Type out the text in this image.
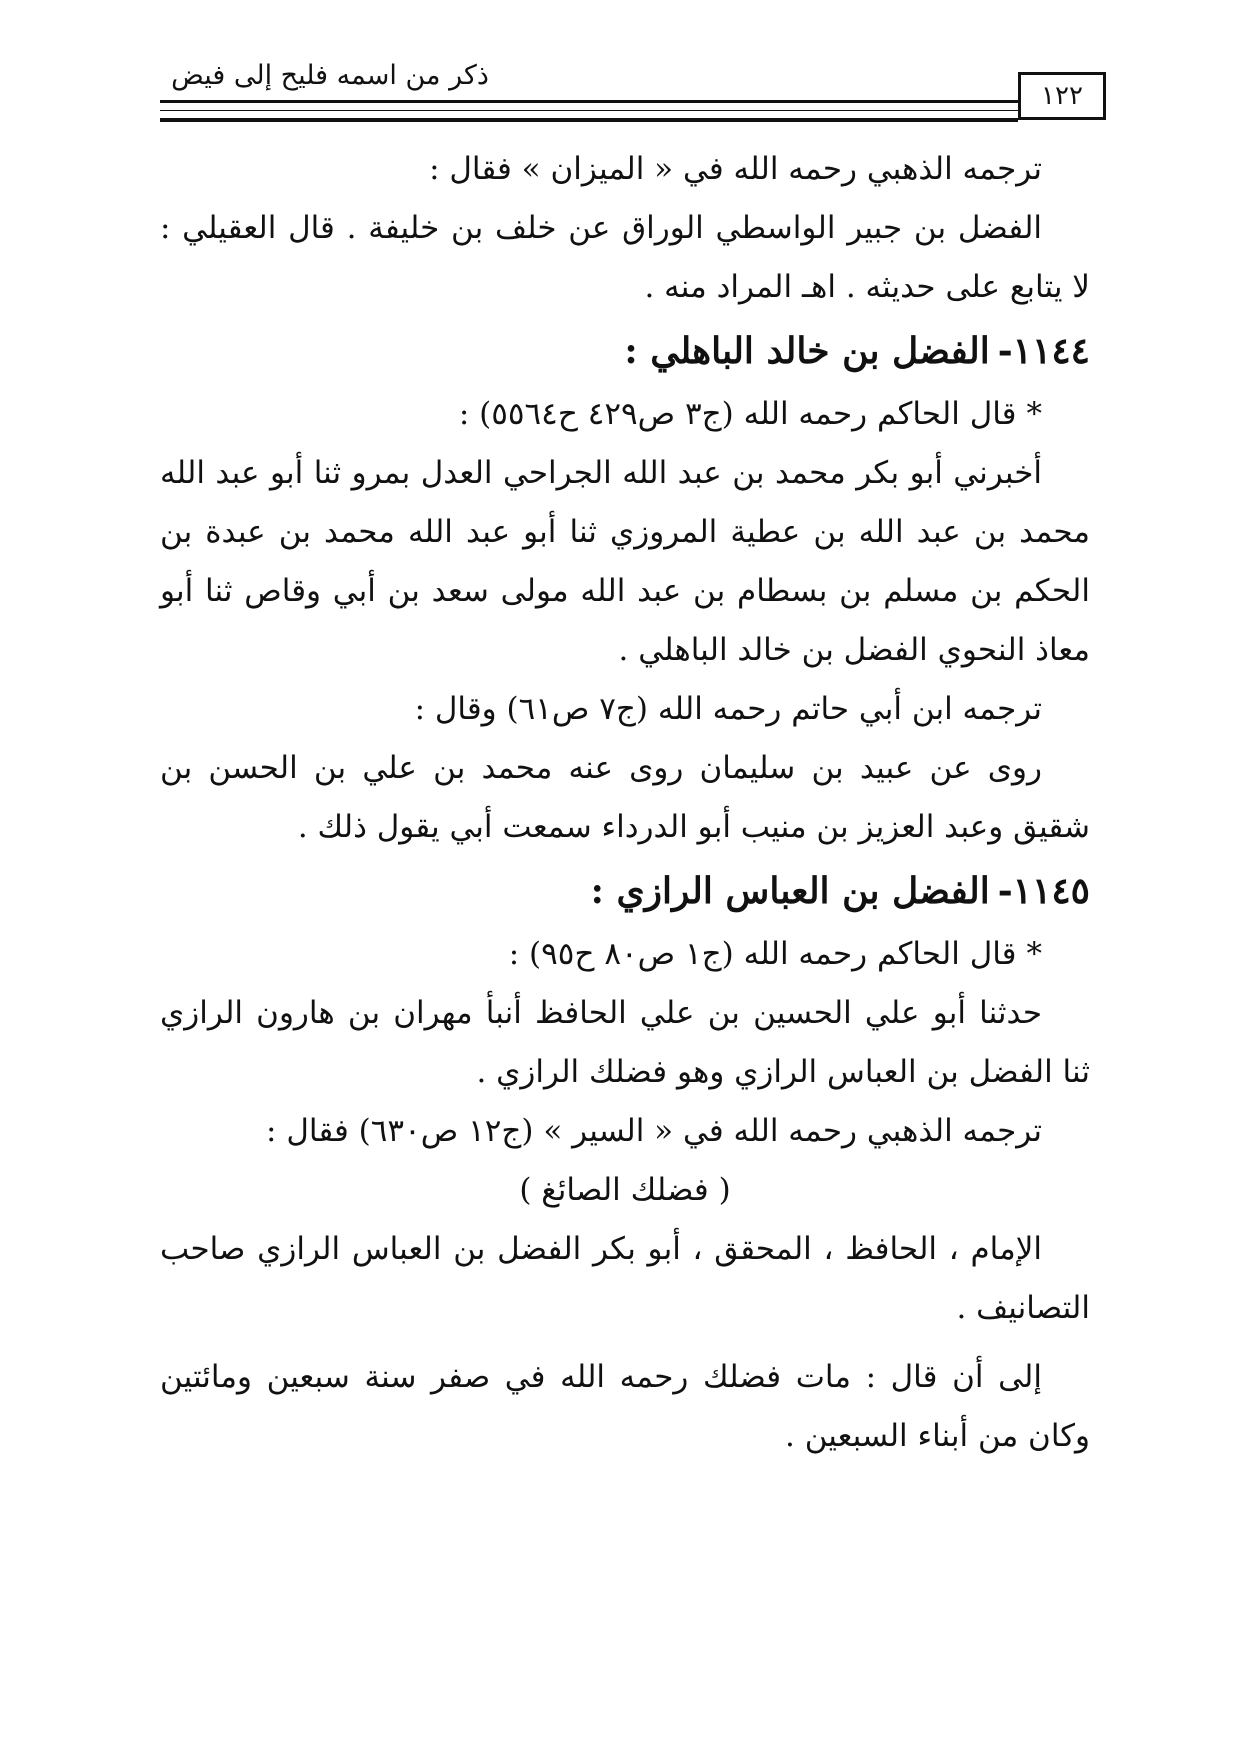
ذكر من اسمه فليح إلى فيض
١٢٢

ترجمه الذهبي رحمه الله في « الميزان » فقال :

الفضل بن جبير الواسطي الوراق عن خلف بن خليفة . قال العقيلي : لا يتابع على حديثه . اهـ المراد منه .

١١٤٤-الفضل بن خالد الباهلي :

*قال الحاكم رحمه الله (ج٣ ص٤٢٩ ح٥٥٦٤) :

أخبرني أبو بكر محمد بن عبد الله الجراحي العدل بمرو ثنا أبو عبد الله محمد بن عبد الله بن عطية المروزي ثنا أبو عبد الله محمد بن عبدة بن الحكم بن مسلم بن بسطام بن عبد الله مولى سعد بن أبي وقاص ثنا أبو معاذ النحوي الفضل بن خالد الباهلي .

ترجمه ابن أبي حاتم رحمه الله (ج٧ ص٦١) وقال :

روى عن عبيد بن سليمان روى عنه محمد بن علي بن الحسن بن شقيق وعبد العزيز بن منيب أبو الدرداء سمعت أبي يقول ذلك .

١١٤٥-الفضل بن العباس الرازي :

*قال الحاكم رحمه الله (ج١ ص٨٠ ح٩٥) :

حدثنا أبو علي الحسين بن علي الحافظ أنبأ مهران بن هارون الرازي ثنا الفضل بن العباس الرازي وهو فضلك الرازي .

ترجمه الذهبي رحمه الله في « السير » (ج١٢ ص٦٣٠) فقال :

( فضلك الصائغ )

الإمام ، الحافظ ، المحقق ، أبو بكر الفضل بن العباس الرازي صاحب التصانيف .

إلى أن قال : مات فضلك رحمه الله في صفر سنة سبعين ومائتين وكان من أبناء السبعين .
